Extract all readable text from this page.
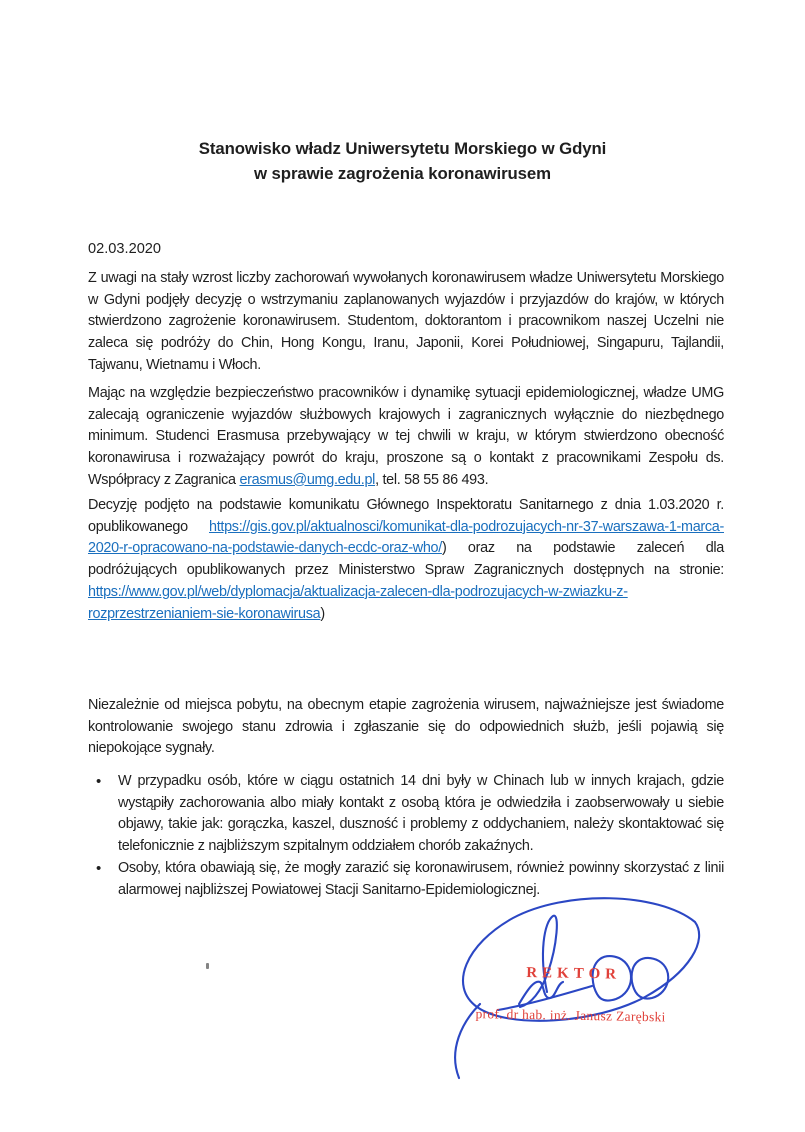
Stanowisko władz Uniwersytetu Morskiego w Gdyni
w sprawie zagrożenia koronawirusem
02.03.2020

Z uwagi na stały wzrost liczby zachorowań wywołanych koronawirusem władze Uniwersytetu Morskiego w Gdyni podjęły decyzję o wstrzymaniu zaplanowanych wyjazdów i przyjazdów do krajów, w których stwierdzono zagrożenie koronawirusem. Studentom, doktorantom i pracownikom naszej Uczelni nie zaleca się podróży do Chin, Hong Kongu, Iranu, Japonii, Korei Południowej, Singapuru, Tajlandii, Tajwanu, Wietnamu i Włoch.

Mając na względzie bezpieczeństwo pracowników i dynamikę sytuacji epidemiologicznej, władze UMG zalecają ograniczenie wyjazdów służbowych krajowych i zagranicznych wyłącznie do niezbędnego minimum. Studenci Erasmusa przebywający w tej chwili w kraju, w którym stwierdzono obecność koronawirusa i rozważający powrót do kraju, proszone są o kontakt z pracownikami Zespołu ds. Współpracy z Zagranica erasmus@umg.edu.pl, tel. 58 55 86 493.

Decyzję podjęto na podstawie komunikatu Głównego Inspektoratu Sanitarnego z dnia 1.03.2020 r. opublikowanego https://gis.gov.pl/aktualnosci/komunikat-dla-podrozujacych-nr-37-warszawa-1-marca-2020-r-opracowano-na-podstawie-danych-ecdc-oraz-who/) oraz na podstawie zaleceń dla podróżujących opublikowanych przez Ministerstwo Spraw Zagranicznych dostępnych na stronie: https://www.gov.pl/web/dyplomacja/aktualizacja-zalecen-dla-podrozujacych-w-zwiazku-z-rozprzestrzenianiem-sie-koronawirusa)

Niezależnie od miejsca pobytu, na obecnym etapie zagrożenia wirusem, najważniejsze jest świadome kontrolowanie swojego stanu zdrowia i zgłaszanie się do odpowiednich służb, jeśli pojawią się niepokojące sygnały.

• W przypadku osób, które w ciągu ostatnich 14 dni były w Chinach lub w innych krajach, gdzie wystąpiły zachorowania albo miały kontakt z osobą która je odwiedziła i zaobserwowały u siebie objawy, takie jak: gorączka, kaszel, duszność i problemy z oddychaniem, należy skontaktować się telefonicznie z najbliższym szpitalnym oddziałem chorób zakaźnych.
• Osoby, która obawiają się, że mogły zarazić się koronawirusem, również powinny skorzystać z linii alarmowej najbliższej Powiatowej Stacji Sanitarno-Epidemiologicznej.
REKTOR
prof. dr hab. inż. Janusz Zarębski
